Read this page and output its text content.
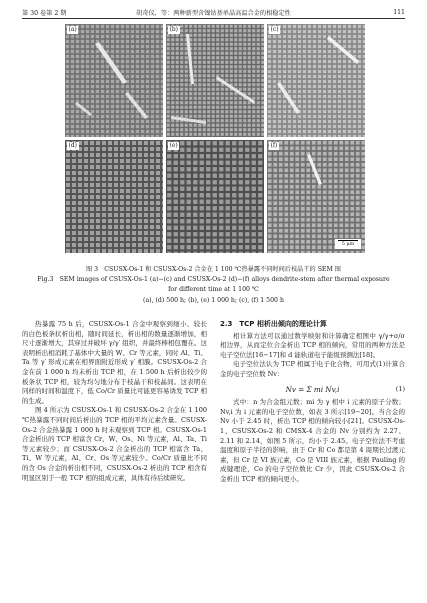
第 30 卷第 2 期	胡奇仪，等：两种新型含镍钴基单晶高温合金的相稳定性	111
(a)	(b)	(c)
(d)	(e)	(f)
5 μm
图 3　CSUSX-Os-1 和 CSUSX-Os-2 合金在 1 100 ℃热暴露不同时间后枝晶干的 SEM 图
Fig.3　SEM images of CSUSX-Os-1 (a)−(c) and CSUSX-Os-2 (d)−(f) alloys dendrite-stem after thermal exposure
for different time at 1 100 ℃
(a), (d) 500 h; (b), (e) 1 000 h; (c), (f) 1 500 h

热暴露 75 h 后，CSUSX-Os-1 合金中观察到细小、较长的白色板条状析出相，随时间延长，析出相的数量逐渐增加，相尺寸逐渐增大，其穿过并破坏 γ/γ′ 组织，并最终棒相包覆在。这表明析出相消耗了基体中大量的 W、Cr 等元素，同时 Al、Ti、Ta 等 γ′ 形成元素在相界面附近形成 γ′ 相膜。CSUSX-Os-2 合金在前 1 000 h 均未析出 TCP 相，在 1 500 h 后析出较少的板条状 TCP 相，较为均匀地分布于枝晶干和枝晶间。这表明在同样的时间和温度下，低 Co/Cr 质量比可能更容易诱发 TCP 相的生成。

图 4 所示为 CSUSX-Os-1 和 CSUSX-Os-2 合金在 1 100 ℃热暴露不同时间后析出的 TCP 相的平均元素含量。CSUSX-Os-2 合金热暴露 1 000 h 时未观察到 TCP 相。CSUSX-Os-1 合金析出的 TCP 相富含 Cr、W、Os、Ni 等元素，Al、Ta、Ti 等元素较少；而 CSUSX-Os-2 合金析出的 TCP 相富含 Ta、Ti、W 等元素，Al、Cr、Os 等元素较少。Co/Cr 质量比不同的含 Os 合金的析出相不同，CSUSX-Os-2 析出的 TCP 相含有明显区别于一般 TCP 相的组成元素，具体有待后续研究。

2.3　TCP 相析出倾向的理论计算

相计算方法可以通过数学映射和计算确定相图中 γ/γ+σ/σ 相边界，从而定位合金析出 TCP 相的倾向，常用的两种方法是电子空位法[16−17]和 d 能轨道电子能级预测法[18]。

电子空位法认为 TCP 相属于电子化合物，可用式(1)计算合金的电子空位数 Nv：

Nv = Σ mi Nv,i	(1)

式中：n 为合金组元数；mi 为 γ 相中 i 元素的原子分数；Nv,i 为 i 元素的电子空位数，如表 3 所示[19−20]。当合金的 Nv 小于 2.45 时，析出 TCP 相的倾向较小[21]。CSUSX-Os-1、CSUSX-Os-2 和 CMSX-4 合金的 Nv 分别约为 2.27、2.11 和 2.14，如图 5 所示，均小于 2.45。电子空位法不考虑温度和原子半径的影响，由于 Cr 和 Co 都是第 4 周期长过渡元素，但 Cr 是 VI 族元素，Co 是 VIII 族元素，根据 Pauling 的成键理论，Co 的电子空位数比 Cr 少，因此 CSUSX-Os-2 合金析出 TCP 相的倾向更小。
